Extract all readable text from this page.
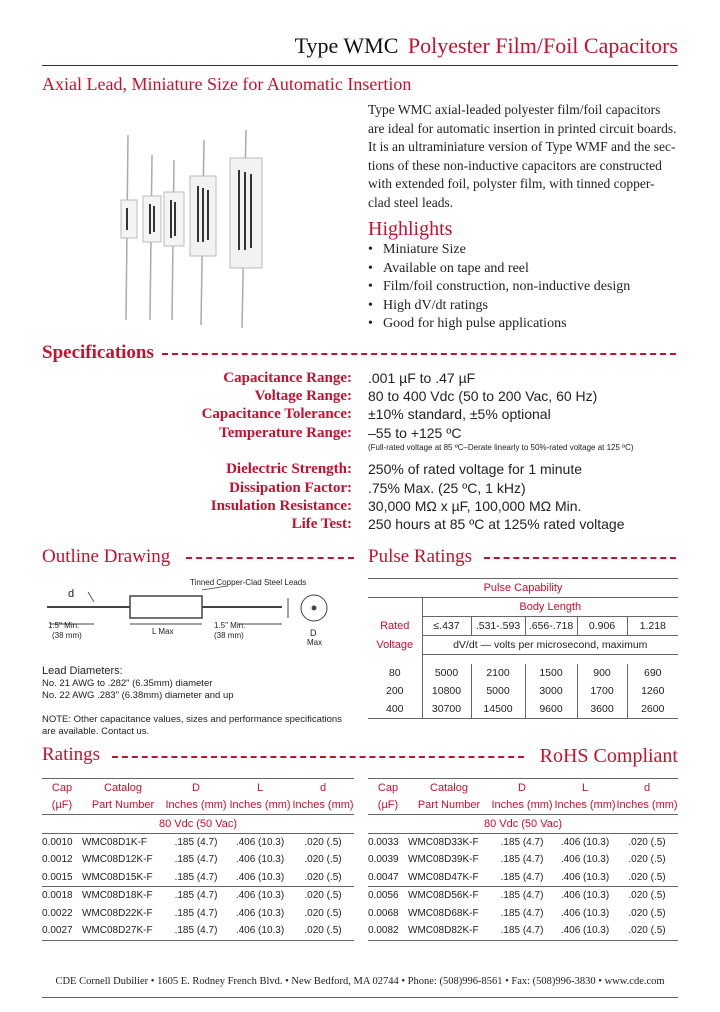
Type WMC Polyester Film/Foil Capacitors
Axial Lead, Miniature Size for Automatic Insertion
Type WMC axial-leaded polyester film/foil capacitors
are ideal for automatic insertion in printed circuit boards.
It is an ultraminiature version of Type WMF and the sec-
tions of these non-inductive capacitors are constructed
with extended foil, polyster film, with tinned copper-
clad steel leads.
Highlights
• Miniature Size
• Available on tape and reel
• Film/foil construction, non-inductive design
• High dV/dt ratings
• Good for high pulse applications
Specifications
Capacitance Range: .001 µF to .47 µF
Voltage Range: 80 to 400 Vdc (50 to 200 Vac, 60 Hz)
Capacitance Tolerance: ±10% standard, ±5% optional
Temperature Range: –55 to +125 ºC
(Full-rated voltage at 85 ºC–Derate linearly to 50%-rated voltage at 125 ºC)
Dielectric Strength: 250% of rated voltage for 1 minute
Dissipation Factor: .75% Max. (25 ºC, 1 kHz)
Insulation Resistance: 30,000 MΩ x µF, 100,000 MΩ Min.
Life Test: 250 hours at 85 ºC at 125% rated voltage
Outline Drawing
Tinned Copper-Clad Steel Leads
d
1.5" Min.
(38 mm)	L Max
1.5" Min.
(38 mm)	D
Max
Lead Diameters:
No. 21 AWG to .282" (6.35mm) diameter
No. 22 AWG .283" (6.38mm) diameter and up
NOTE: Other capacitance values, sizes and performance specifications
are available. Contact us.
Pulse Ratings
Pulse Capability					
	Body Length				
Rated	≤.437	.531-.593	.656-.718	0.906	1.218
Voltage	dV/dt — volts per microsecond, maximum				

80	5000	2100	1500	900	690
200	10800	5000	3000	1700	1260
400	30700	14500	9600	3600	2600
Ratings	RoHS Compliant
Cap	Catalog	D	L	d
(µF)	Part Number	Inches (mm)	Inches (mm)	Inches (mm)
80 Vdc (50 Vac)				
0.0010	WMC08D1K-F	.185 (4.7)	.406 (10.3)	.020 (.5)
0.0012	WMC08D12K-F	.185 (4.7)	.406 (10.3)	.020 (.5)
0.0015	WMC08D15K-F	.185 (4.7)	.406 (10.3)	.020 (.5)
0.0018	WMC08D18K-F	.185 (4.7)	.406 (10.3)	.020 (.5)
0.0022	WMC08D22K-F	.185 (4.7)	.406 (10.3)	.020 (.5)
0.0027	WMC08D27K-F	.185 (4.7)	.406 (10.3)	.020 (.5)
Cap	Catalog	D	L	d
(µF)	Part Number	Inches (mm)	Inches (mm)	Inches (mm)
80 Vdc (50 Vac)				
0.0033	WMC08D33K-F	.185 (4.7)	.406 (10.3)	.020 (.5)
0.0039	WMC08D39K-F	.185 (4.7)	.406 (10.3)	.020 (.5)
0.0047	WMC08D47K-F	.185 (4.7)	.406 (10.3)	.020 (.5)
0.0056	WMC08D56K-F	.185 (4.7)	.406 (10.3)	.020 (.5)
0.0068	WMC08D68K-F	.185 (4.7)	.406 (10.3)	.020 (.5)
0.0082	WMC08D82K-F	.185 (4.7)	.406 (10.3)	.020 (.5)
CDE Cornell Dubilier • 1605 E. Rodney French Blvd. • New Bedford, MA 02744 • Phone: (508)996-8561 • Fax: (508)996-3830 • www.cde.com
